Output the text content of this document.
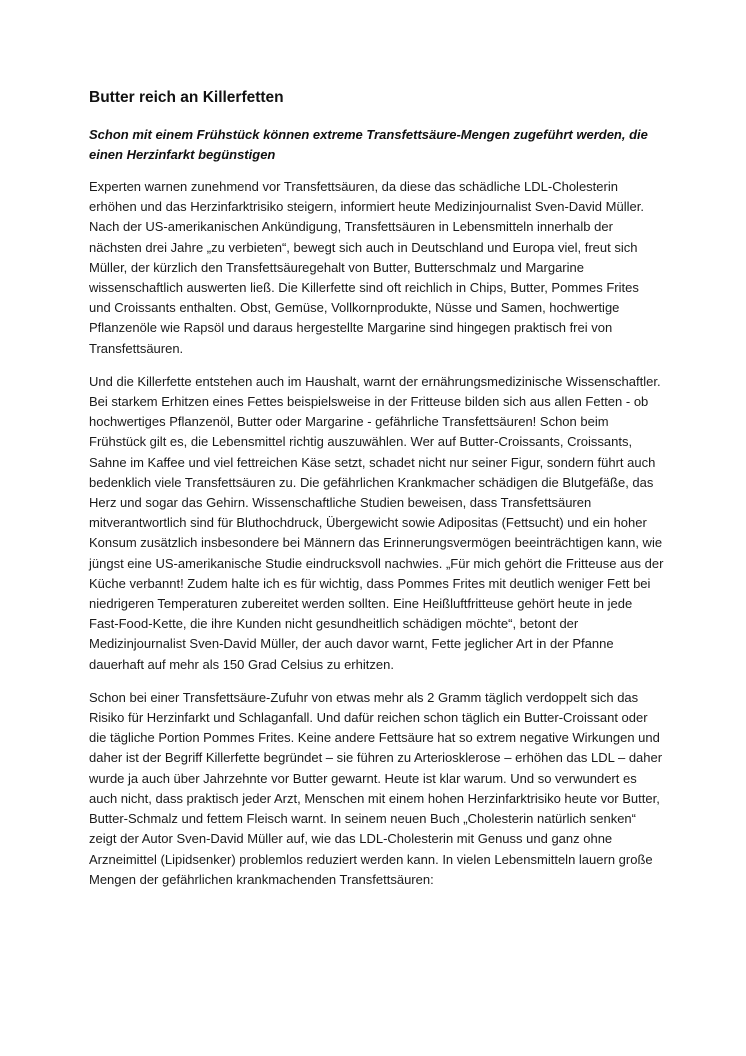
Butter reich an Killerfetten

Schon mit einem Frühstück können extreme Transfettsäure-Mengen zugeführt werden, die einen Herzinfarkt begünstigen

Experten warnen zunehmend vor Transfettsäuren, da diese das schädliche LDL-Cholesterin erhöhen und das Herzinfarktrisiko steigern, informiert heute Medizinjournalist Sven-David Müller. Nach der US-amerikanischen Ankündigung, Transfettsäuren in Lebensmitteln innerhalb der nächsten drei Jahre „zu verbieten“, bewegt sich auch in Deutschland und Europa viel, freut sich Müller, der kürzlich den Transfettsäuregehalt von Butter, Butterschmalz und Margarine wissenschaftlich auswerten ließ. Die Killerfette sind oft reichlich in Chips, Butter, Pommes Frites und Croissants enthalten. Obst, Gemüse, Vollkornprodukte, Nüsse und Samen, hochwertige Pflanzenöle wie Rapsöl und daraus hergestellte Margarine sind hingegen praktisch frei von Transfettsäuren.

Und die Killerfette entstehen auch im Haushalt, warnt der ernährungsmedizinische Wissenschaftler. Bei starkem Erhitzen eines Fettes beispielsweise in der Fritteuse bilden sich aus allen Fetten - ob hochwertiges Pflanzenöl, Butter oder Margarine - gefährliche Transfettsäuren! Schon beim Frühstück gilt es, die Lebensmittel richtig auszuwählen. Wer auf Butter-Croissants, Croissants, Sahne im Kaffee und viel fettreichen Käse setzt, schadet nicht nur seiner Figur, sondern führt auch bedenklich viele Transfettsäuren zu. Die gefährlichen Krankmacher schädigen die Blutgefäße, das Herz und sogar das Gehirn. Wissenschaftliche Studien beweisen, dass Transfettsäuren mitverantwortlich sind für Bluthochdruck, Übergewicht sowie Adipositas (Fettsucht) und ein hoher Konsum zusätzlich insbesondere bei Männern das Erinnerungsvermögen beeinträchtigen kann, wie jüngst eine US-amerikanische Studie eindrucksvoll nachwies. „Für mich gehört die Fritteuse aus der Küche verbannt! Zudem halte ich es für wichtig, dass Pommes Frites mit deutlich weniger Fett bei niedrigeren Temperaturen zubereitet werden sollten. Eine Heißluftfritteuse gehört heute in jede Fast-Food-Kette, die ihre Kunden nicht gesundheitlich schädigen möchte“, betont der Medizinjournalist Sven-David Müller, der auch davor warnt, Fette jeglicher Art in der Pfanne dauerhaft auf mehr als 150 Grad Celsius zu erhitzen.

Schon bei einer Transfettsäure-Zufuhr von etwas mehr als 2 Gramm täglich verdoppelt sich das Risiko für Herzinfarkt und Schlaganfall. Und dafür reichen schon täglich ein Butter-Croissant oder die tägliche Portion Pommes Frites. Keine andere Fettsäure hat so extrem negative Wirkungen und daher ist der Begriff Killerfette begründet – sie führen zu Arteriosklerose – erhöhen das LDL – daher wurde ja auch über Jahrzehnte vor Butter gewarnt. Heute ist klar warum. Und so verwundert es auch nicht, dass praktisch jeder Arzt, Menschen mit einem hohen Herzinfarktrisiko heute vor Butter, Butter-Schmalz und fettem Fleisch warnt. In seinem neuen Buch „Cholesterin natürlich senken“ zeigt der Autor Sven-David Müller auf, wie das LDL-Cholesterin mit Genuss und ganz ohne Arzneimittel (Lipidsenker) problemlos reduziert werden kann. In vielen Lebensmitteln lauern große Mengen der gefährlichen krankmachenden Transfettsäuren:
